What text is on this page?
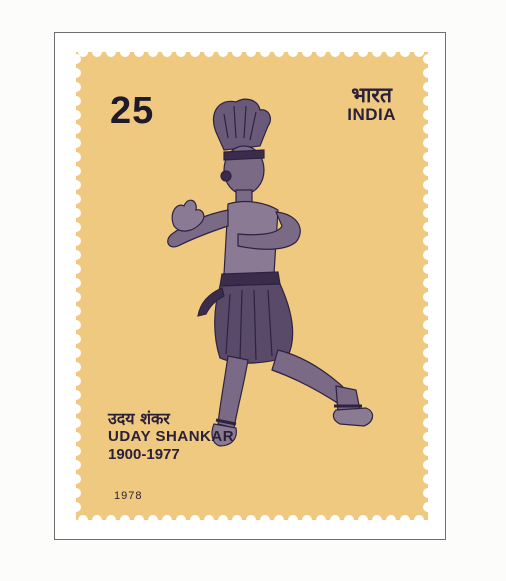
25	भारत
INDIA
उदय शंकर
UDAY SHANKAR
1900-1977
1978
